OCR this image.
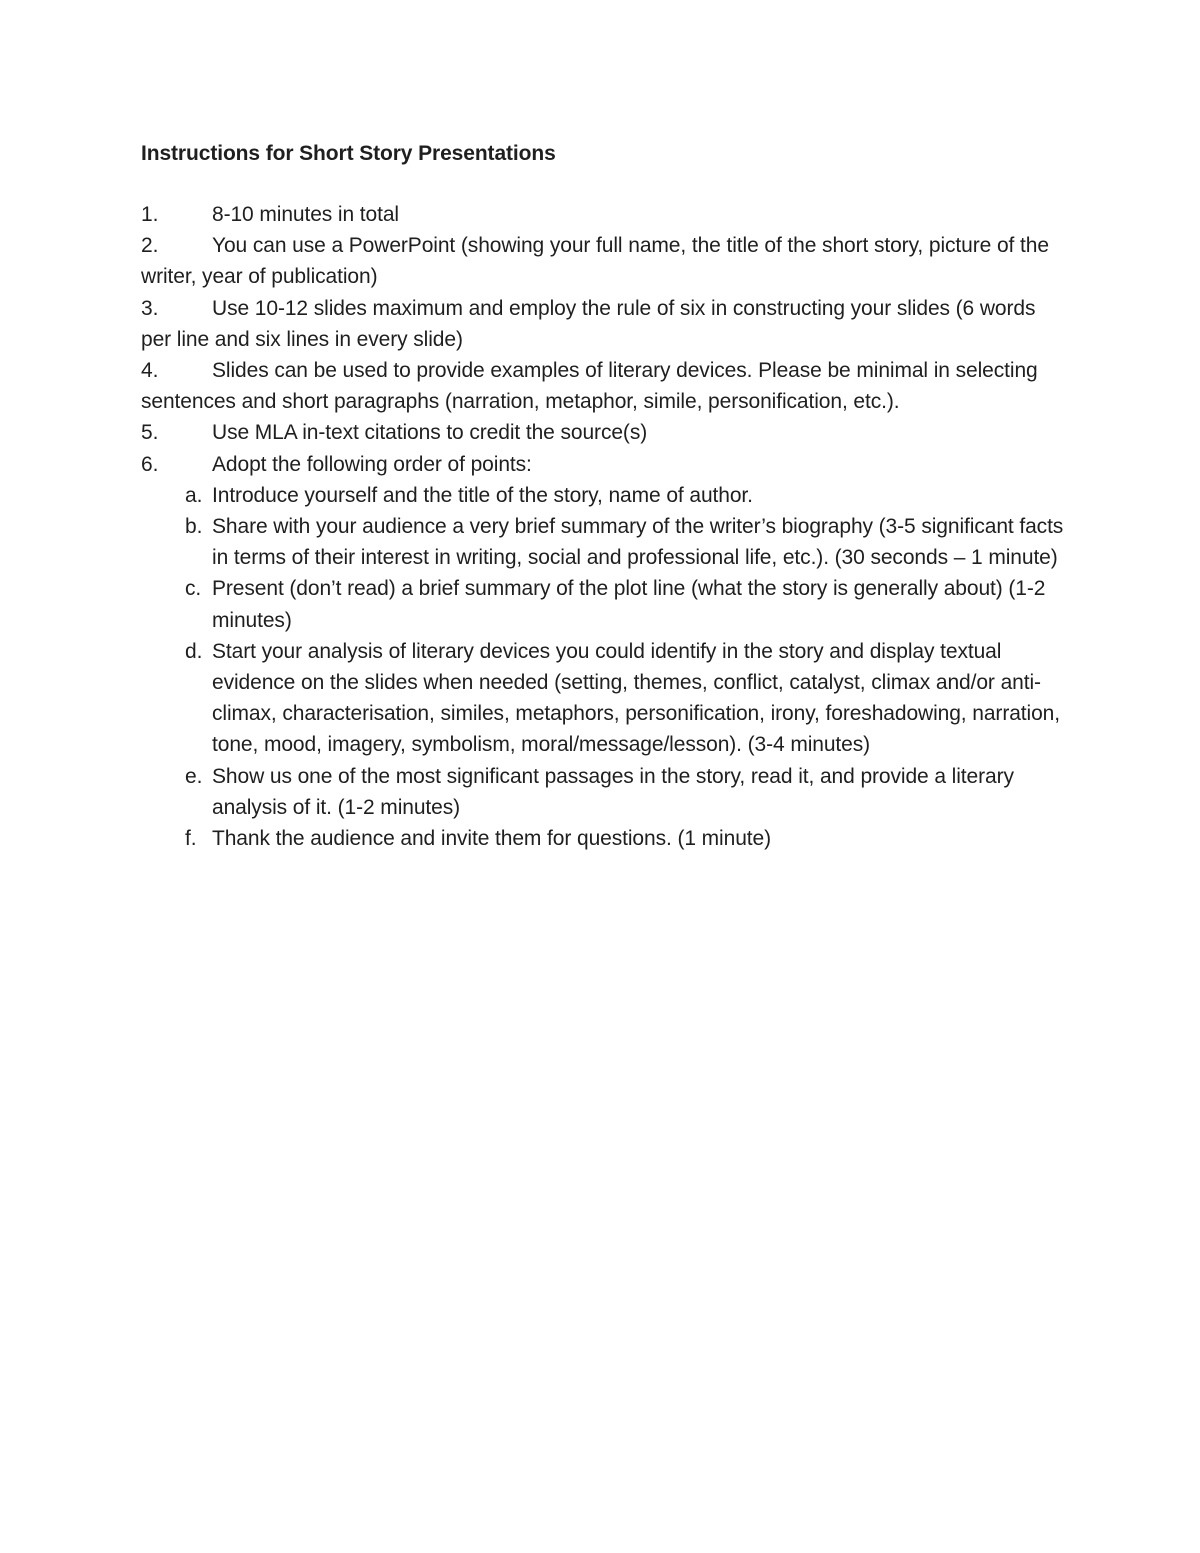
Instructions for Short Story Presentations
1.	8-10 minutes in total
2.	You can use a PowerPoint (showing your full name, the title of the short story, picture of the writer, year of publication)
3.	Use 10-12 slides maximum and employ the rule of six in constructing your slides (6 words per line and six lines in every slide)
4.	Slides can be used to provide examples of literary devices. Please be minimal in selecting sentences and short paragraphs (narration, metaphor, simile, personification, etc.).
5.	Use MLA in-text citations to credit the source(s)
6.	Adopt the following order of points:
a. Introduce yourself and the title of the story, name of author.
b. Share with your audience a very brief summary of the writer’s biography (3-5 significant facts in terms of their interest in writing, social and professional life, etc.). (30 seconds – 1 minute)
c. Present (don’t read) a brief summary of the plot line (what the story is generally about) (1-2 minutes)
d. Start your analysis of literary devices you could identify in the story and display textual evidence on the slides when needed (setting, themes, conflict, catalyst, climax and/or anti-climax, characterisation, similes, metaphors, personification, irony, foreshadowing, narration, tone, mood, imagery, symbolism, moral/message/lesson). (3-4 minutes)
e. Show us one of the most significant passages in the story, read it, and provide a literary analysis of it. (1-2 minutes)
f. Thank the audience and invite them for questions. (1 minute)
